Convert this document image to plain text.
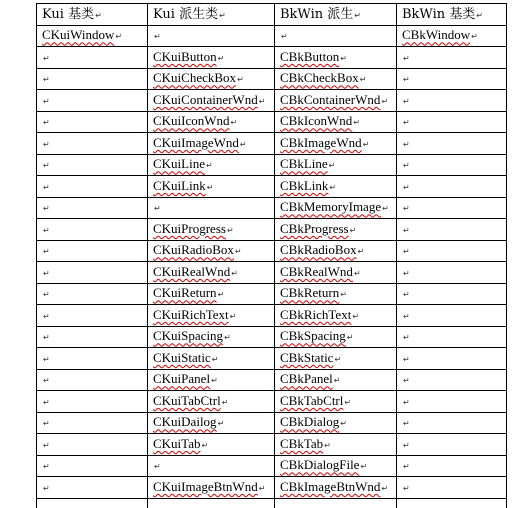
Kui 基类↵	Kui 派生类↵	BkWin 派生↵	BkWin 基类↵
CKuiWindow↵	↵	↵	CBkWindow↵
↵	CKuiButton↵	CBkButton↵	↵
↵	CKuiCheckBox↵	CBkCheckBox↵	↵
↵	CKuiContainerWnd↵	CBkContainerWnd↵	↵
↵	CKuiIconWnd↵	CBkIconWnd↵	↵
↵	CKuiImageWnd↵	CBkImageWnd↵	↵
↵	CKuiLine↵	CBkLine↵	↵
↵	CKuiLink↵	CBkLink↵	↵
↵	↵	CBkMemoryImage↵	↵
↵	CKuiProgress↵	CBkProgress↵	↵
↵	CKuiRadioBox↵	CBkRadioBox↵	↵
↵	CKuiRealWnd↵	CBkRealWnd↵	↵
↵	CKuiReturn↵	CBkReturn↵	↵
↵	CKuiRichText↵	CBkRichText↵	↵
↵	CKuiSpacing↵	CBkSpacing↵	↵
↵	CKuiStatic↵	CBkStatic↵	↵
↵	CKuiPanel↵	CBkPanel↵	↵
↵	CKuiTabCtrl↵	CBkTabCtrl↵	↵
↵	CKuiDailog↵	CBkDialog↵	↵
↵	CKuiTab↵	CBkTab↵	↵
↵	↵	CBkDialogFile↵	↵
↵	CKuiImageBtnWnd↵	CBkImageBtnWnd↵	↵
